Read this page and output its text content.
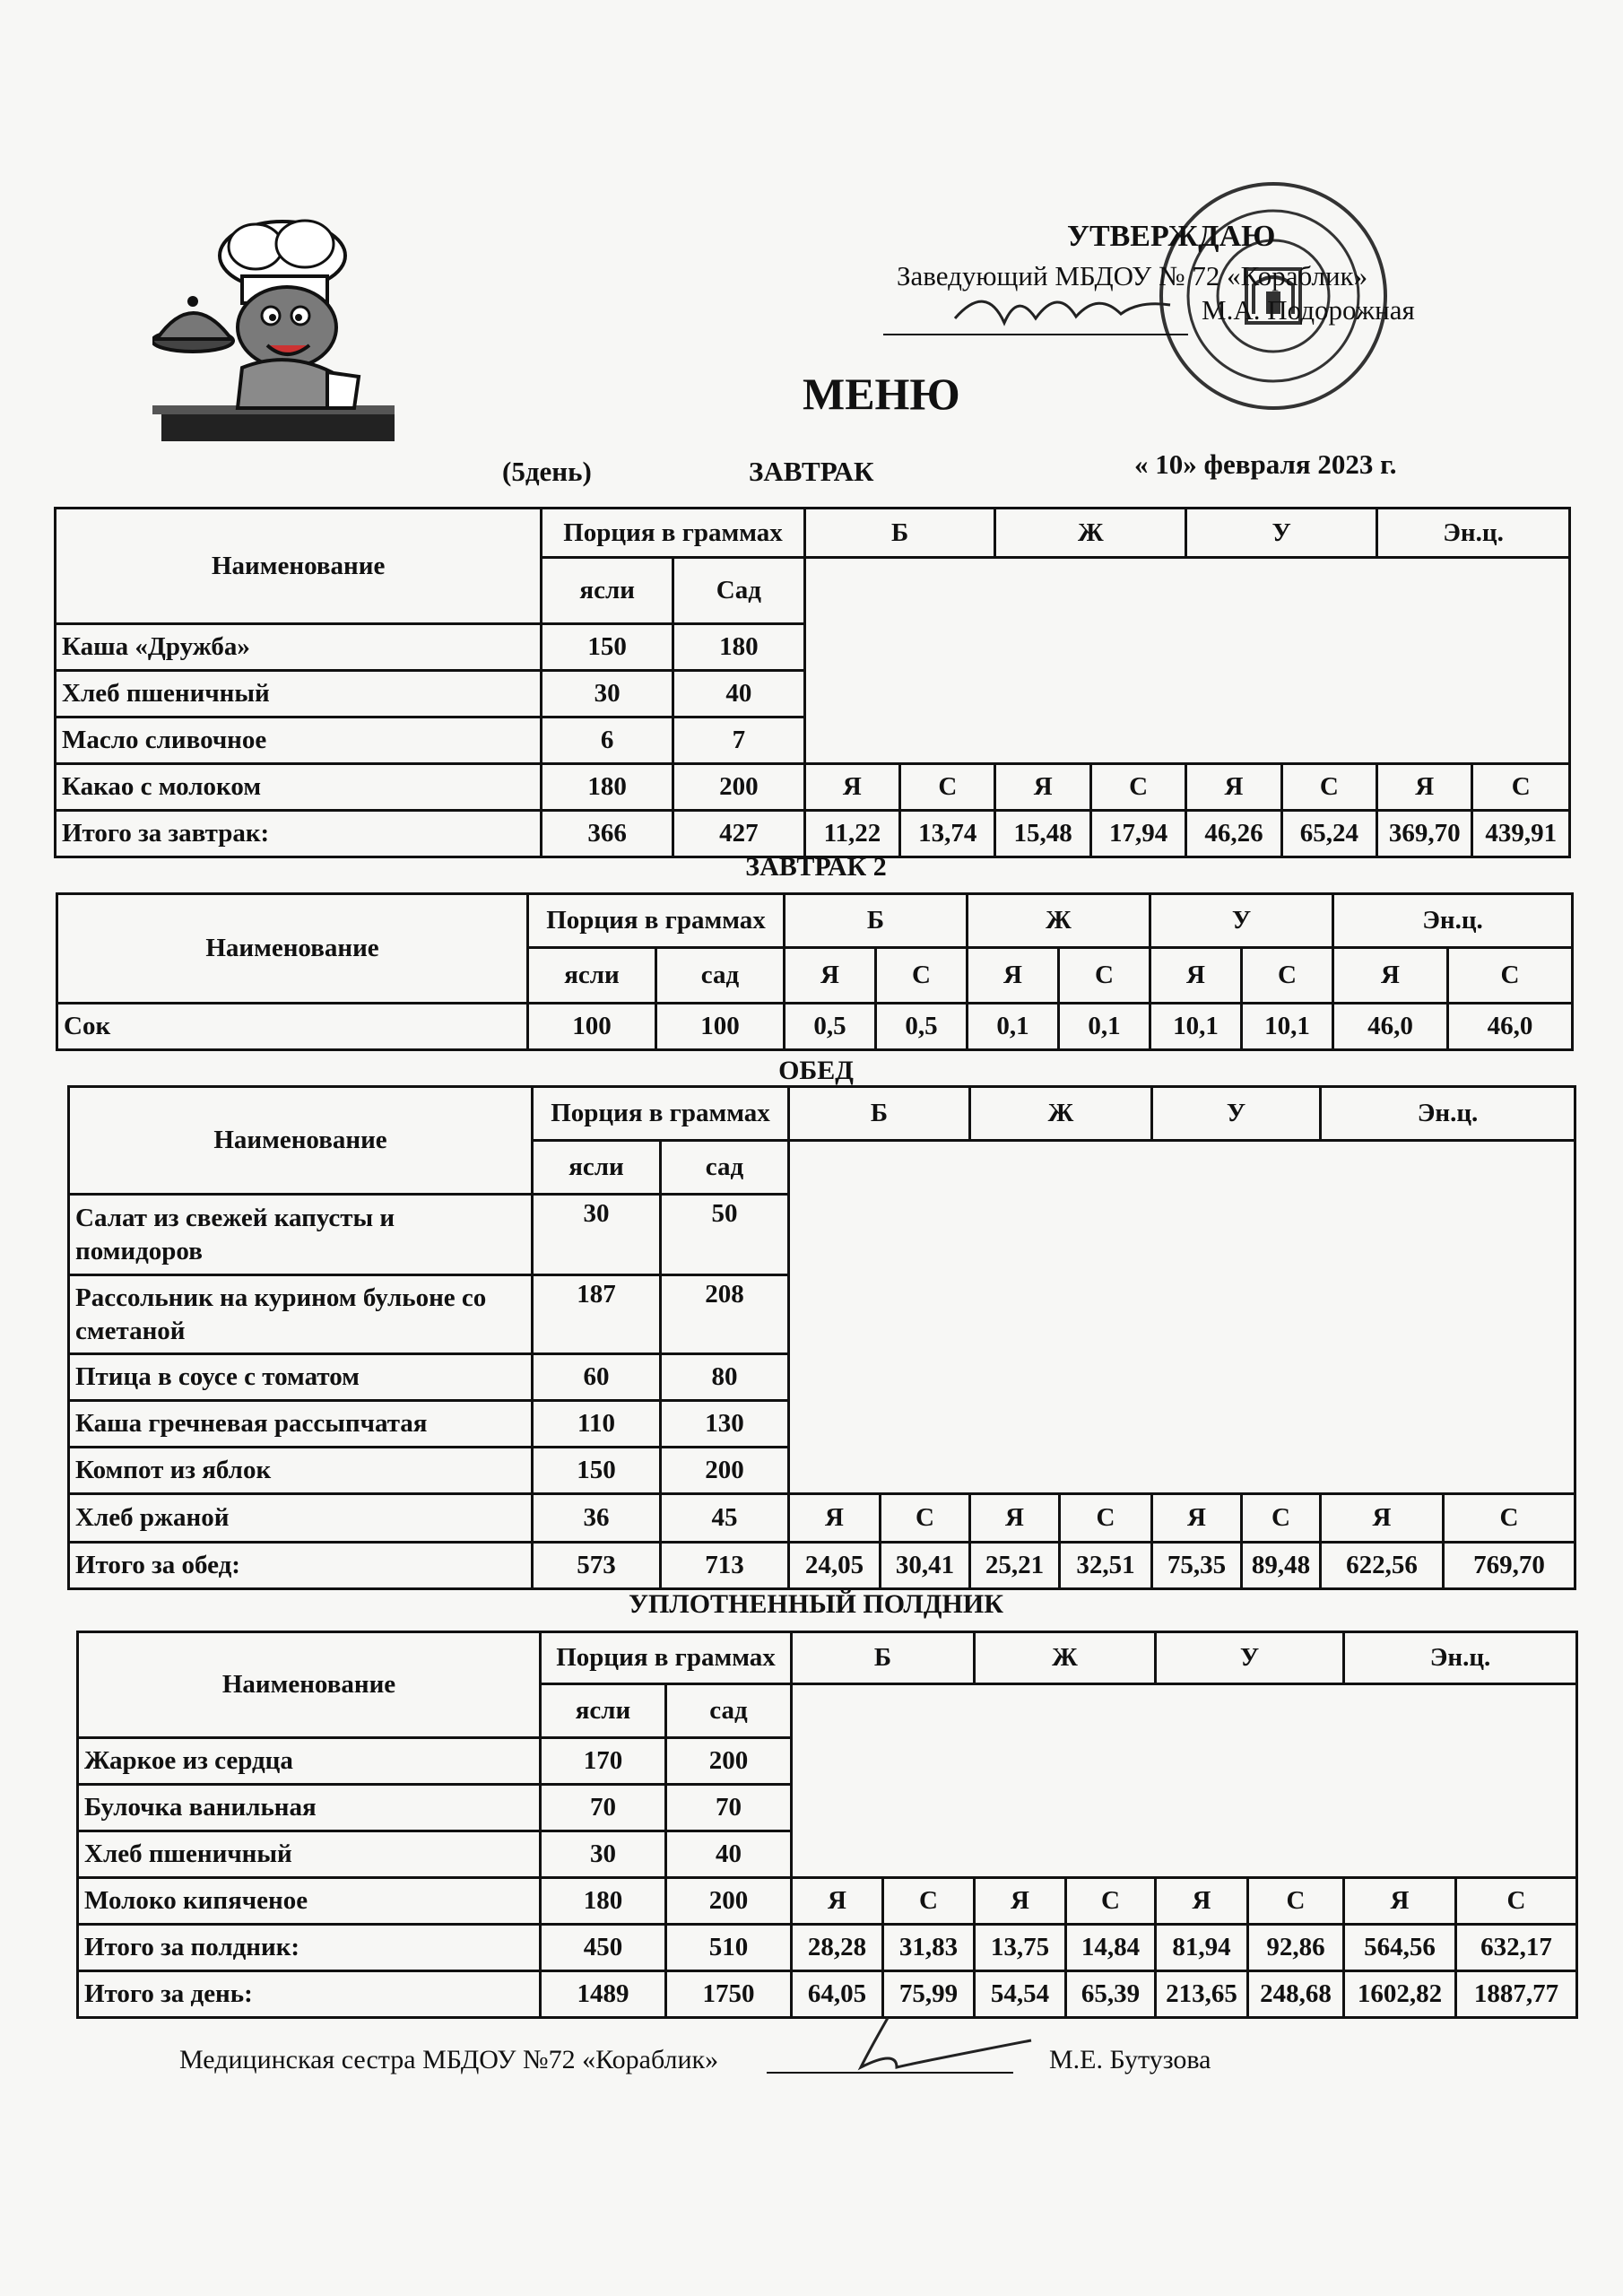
УТВЕРЖДАЮ
Заведующий МБДОУ № 72 «Кораблик»
М.А. Подорожная
МЕНЮ
(5день)	ЗАВТРАК	« 10» февраля 2023 г.
Наименование	Порция в граммах		Б		Ж		У		Эн.ц.	
	ясли	Сад								
Каша «Дружба»	150	180								
Хлеб пшеничный	30	40								
Масло сливочное	6	7								
Какао с молоком	180	200	Я	С	Я	С	Я	С	Я	С
Итого за завтрак:	366	427	11,22	13,74	15,48	17,94	46,26	65,24	369,70	439,91
ЗАВТРАК 2
Наименование	Порция в граммах		Б		Ж		У		Эн.ц.	
	ясли	сад	Я	С	Я	С	Я	С	Я	С
Сок	100	100	0,5	0,5	0,1	0,1	10,1	10,1	46,0	46,0
ОБЕД
Наименование	Порция в граммах		Б		Ж		У		Эн.ц.	
	ясли	сад								
Салат из свежей капусты и помидоров	30	50								
Рассольник на курином бульоне со сметаной	187	208								
Птица в соусе с томатом	60	80								
Каша гречневая рассыпчатая	110	130								
Компот из яблок	150	200								
Хлеб ржаной	36	45	Я	С	Я	С	Я	С	Я	С
Итого за обед:	573	713	24,05	30,41	25,21	32,51	75,35	89,48	622,56	769,70
УПЛОТНЕННЫЙ ПОЛДНИК
Наименование	Порция в граммах		Б		Ж		У		Эн.ц.	
	ясли	сад								
Жаркое из сердца	170	200								
Булочка ванильная	70	70								
Хлеб пшеничный	30	40								
Молоко кипяченое	180	200	Я	С	Я	С	Я	С	Я	С
Итого за полдник:	450	510	28,28	31,83	13,75	14,84	81,94	92,86	564,56	632,17
Итого за день:	1489	1750	64,05	75,99	54,54	65,39	213,65	248,68	1602,82	1887,77
Медицинская сестра МБДОУ №72 «Кораблик»	М.Е. Бутузова
